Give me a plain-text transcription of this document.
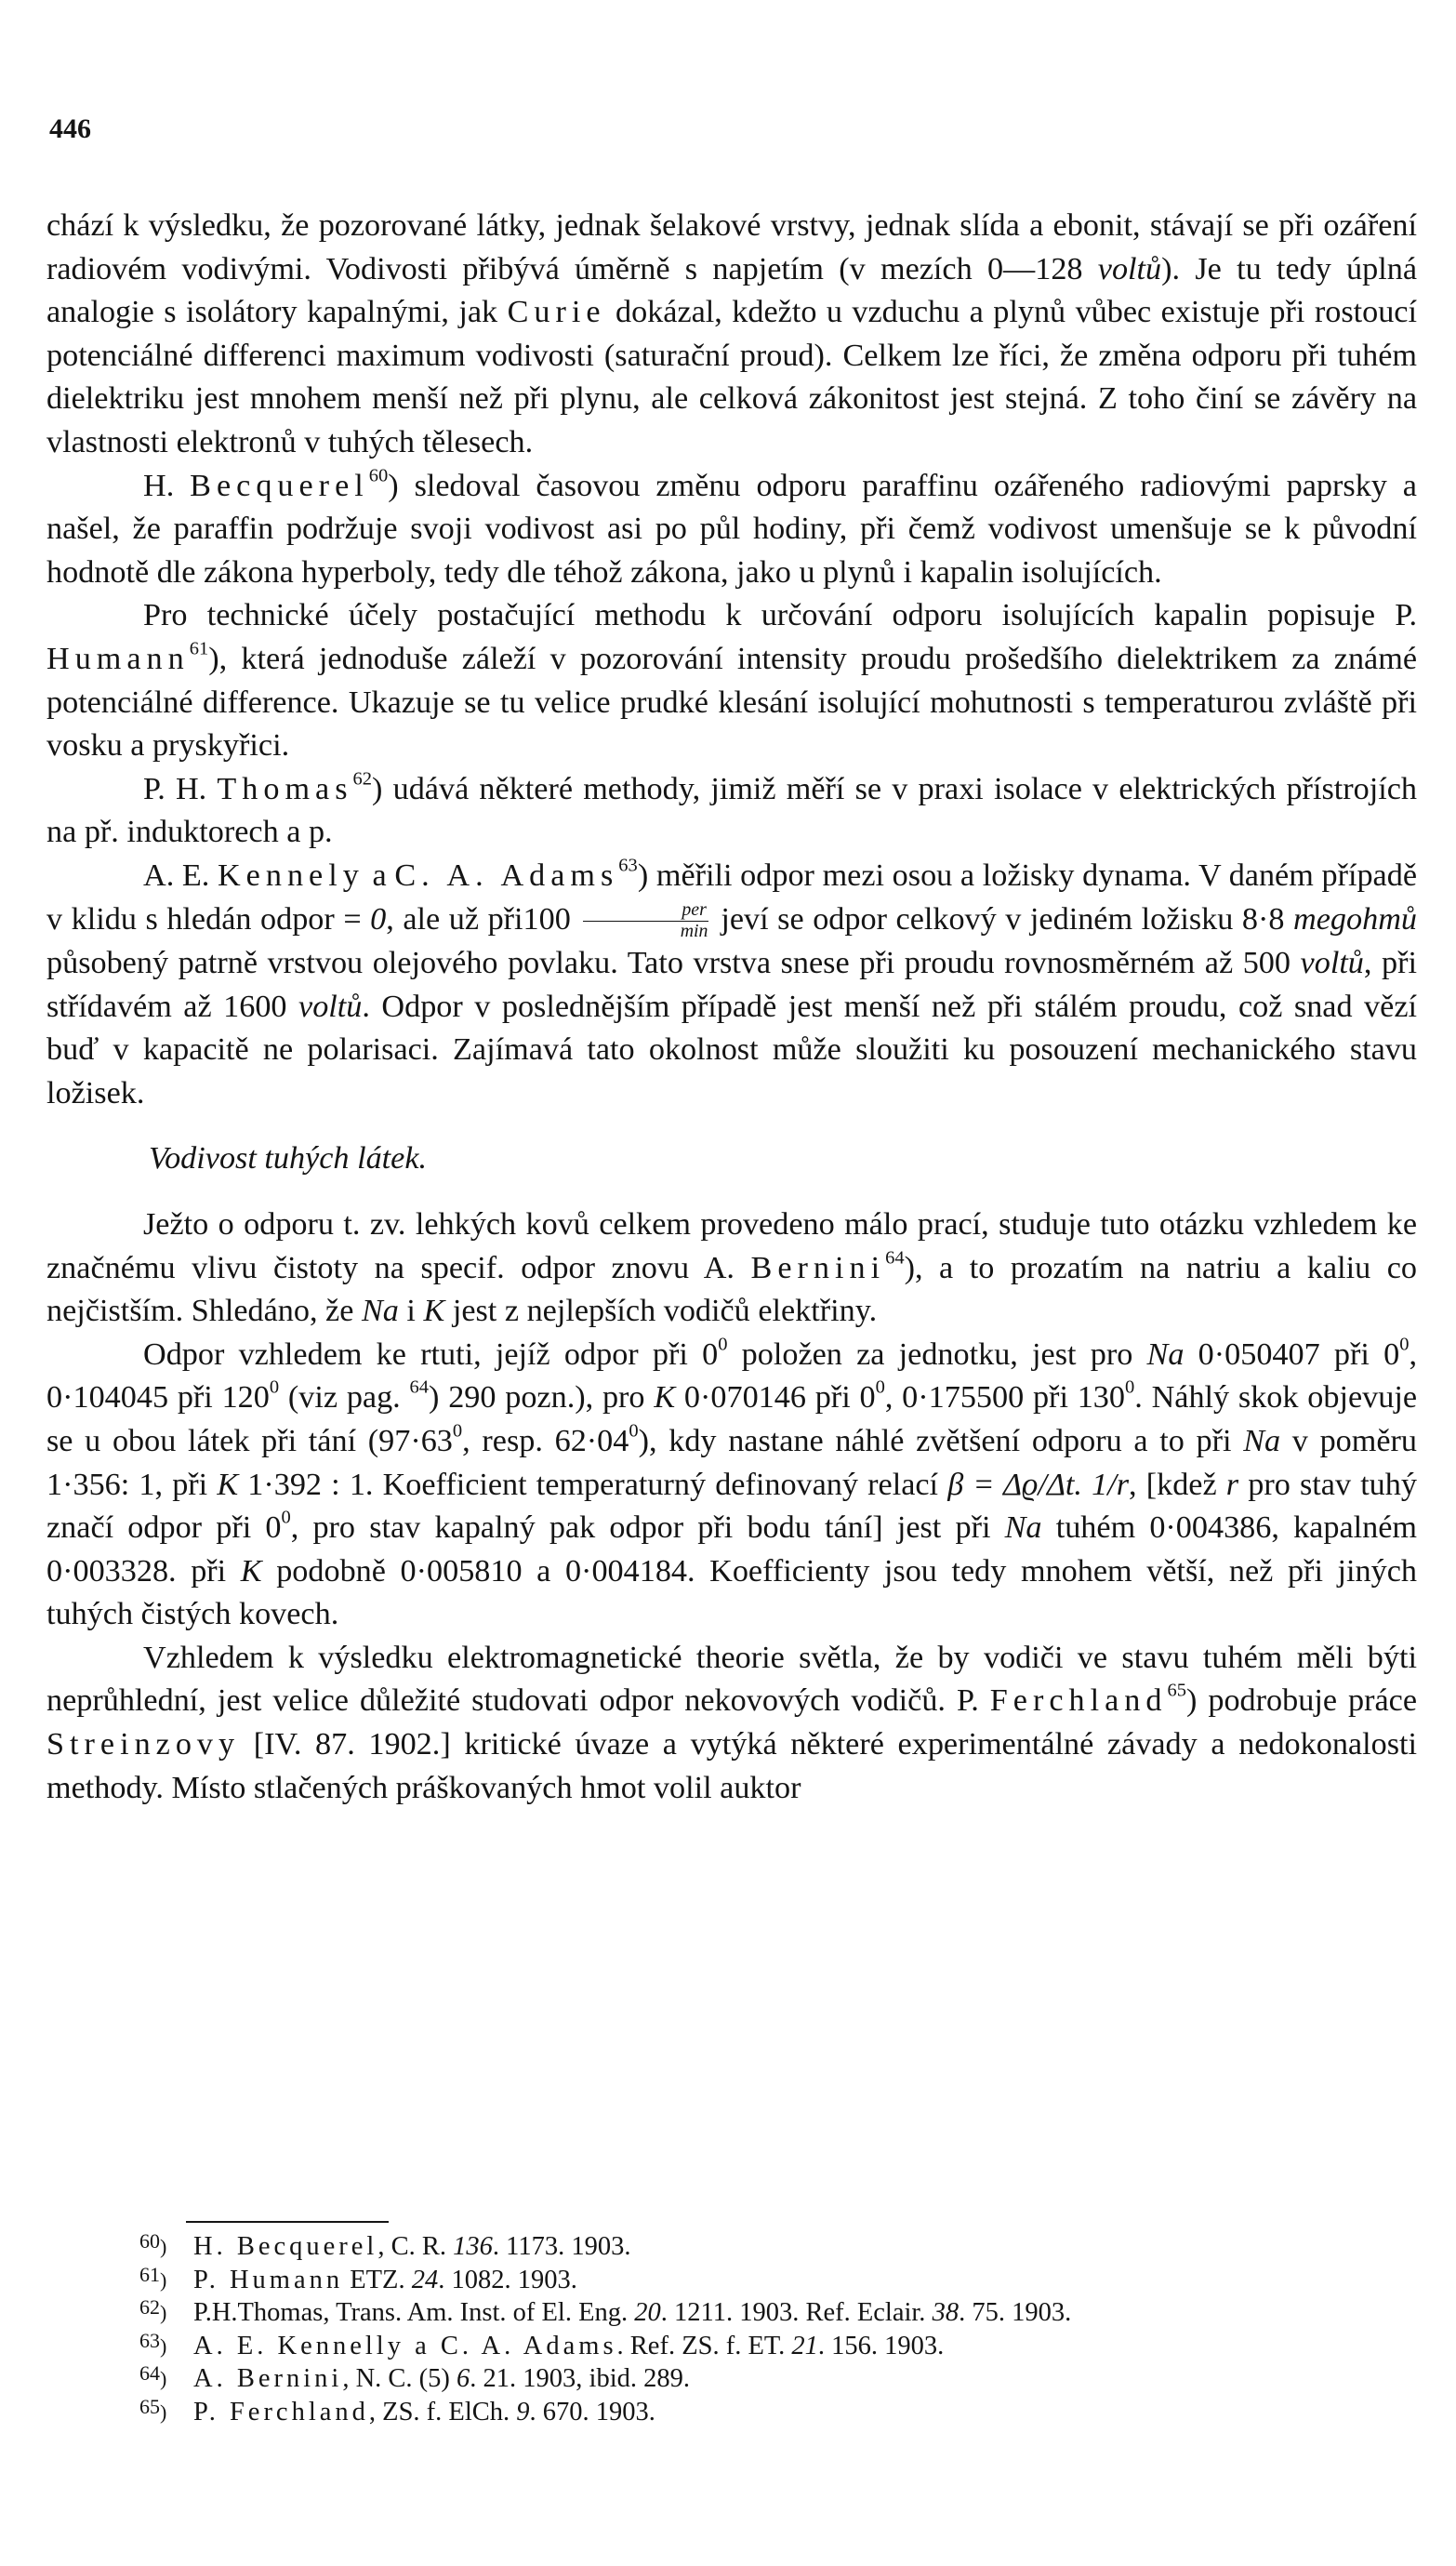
446

chází k výsledku, že pozorované látky, jednak šelakové vrstvy, jednak slída a ebonit, stávají se při ozáření radiovém vodivými. Vodivosti přibývá úměrně s napjetím (v mezích 0—128 voltů). Je tu tedy úplná analogie s isolátory kapalnými, jak Curie dokázal, kdežto u vzduchu a plynů vůbec existuje při rostoucí potenciálné differenci maximum vodivosti (saturační proud). Celkem lze říci, že změna odporu při tuhém dielektriku jest mnohem menší než při plynu, ale celková zákonitost jest stejná. Z toho činí se závěry na vlastnosti elektronů v tuhých tělesech.

H. Becquerel$^{60}$) sledoval časovou změnu odporu paraffinu ozářeného radiovými paprsky a našel, že paraffin podržuje svoji vodivost asi po půl hodiny, při čemž vodivost umenšuje se k původní hodnotě dle zákona hyperboly, tedy dle téhož zákona, jako u plynů i kapalin isolujících.

Pro technické účely postačující methodu k určování odporu isolujících kapalin popisuje P. Humann$^{61}$), která jednoduše záleží v pozorování intensity proudu prošedšího dielektrikem za známé potenciálné difference. Ukazuje se tu velice prudké klesání isolující mohutnosti s temperaturou zvláště při vosku a pryskyřici.

P. H. Thomas$^{62}$) udává některé methody, jimiž měří se v praxi isolace v elektrických přístrojích na př. induktorech a p.

A. E. Kennely a C. A. Adams$^{63}$) měřili odpor mezi osou a ložisky dynama. V daném případě v klidu s hledán odpor = 0, ale už při100 $\frac{\text{per}}{\min}$ jeví se odpor celkový v jediném ložisku 8·8 megohmů působený patrně vrstvou olejového povlaku. Tato vrstva snese při proudu rovnosměrném až 500 voltů, při střídavém až 1600 voltů. Odpor v poslednějším případě jest menší než při stálém proudu, což snad vězí buď v kapacitě ne polarisaci. Zajímavá tato okolnost může sloužiti ku posouzení mechanického stavu ložisek.

Vodivost tuhých látek.

Ježto o odporu t. zv. lehkých kovů celkem provedeno málo prací, studuje tuto otázku vzhledem ke značnému vlivu čistoty na specif. odpor znovu A. Bernini$^{64}$), a to prozatím na natriu a kaliu co nejčistším. Shledáno, že Na i K jest z nejlepších vodičů elektřiny.

Odpor vzhledem ke rtuti, jejíž odpor při $0^0$ položen za jednotku, jest pro Na 0·050407 při $0^0$, 0·104045 při $120^0$ (viz pag. $^{64}$) 290 pozn.), pro K 0·070146 při $0^0$, 0·175500 při $130^0$. Náhlý skok objevuje se u obou látek při tání ($97\cdot 63^0$, resp. $62\cdot 04^0$), kdy nastane náhlé zvětšení odporu a to při Na v poměru 1·356: 1, při K 1·392 : 1. Koefficient temperaturný definovaný relací β = Δϱ/Δt. 1/r, [kdež r pro stav tuhý značí odpor při $0^0$, pro stav kapalný pak odpor při bodu tání] jest při Na tuhém 0·004386, kapalném 0·003328. při K podobně 0·005810 a 0·004184. Koefficienty jsou tedy mnohem větší, než při jiných tuhých čistých kovech.

Vzhledem k výsledku elektromagnetické theorie světla, že by vodiči ve stavu tuhém měli býti neprůhlední, jest velice důležité studovati odpor nekovových vodičů. P. Ferchland$^{65}$) podrobuje práce Streinzovy [IV. 87. 1902.] kritické úvaze a vytýká některé experimentálné závady a nedokonalosti methody. Místo stlačených práškovaných hmot volil auktor

60)	H. Becquerel, C. R. 136. 1173. 1903.
61)	P. Humann ETZ. 24. 1082. 1903.
62)	P.H.Thomas, Trans. Am. Inst. of El. Eng. 20. 1211. 1903. Ref. Eclair. 38. 75. 1903.
63)	A. E. Kennelly a C. A. Adams. Ref. ZS. f. ET. 21. 156. 1903.
64)	A. Bernini, N. C. (5) 6. 21. 1903, ibid. 289.
65)	P. Ferchland, ZS. f. ElCh. 9. 670. 1903.
